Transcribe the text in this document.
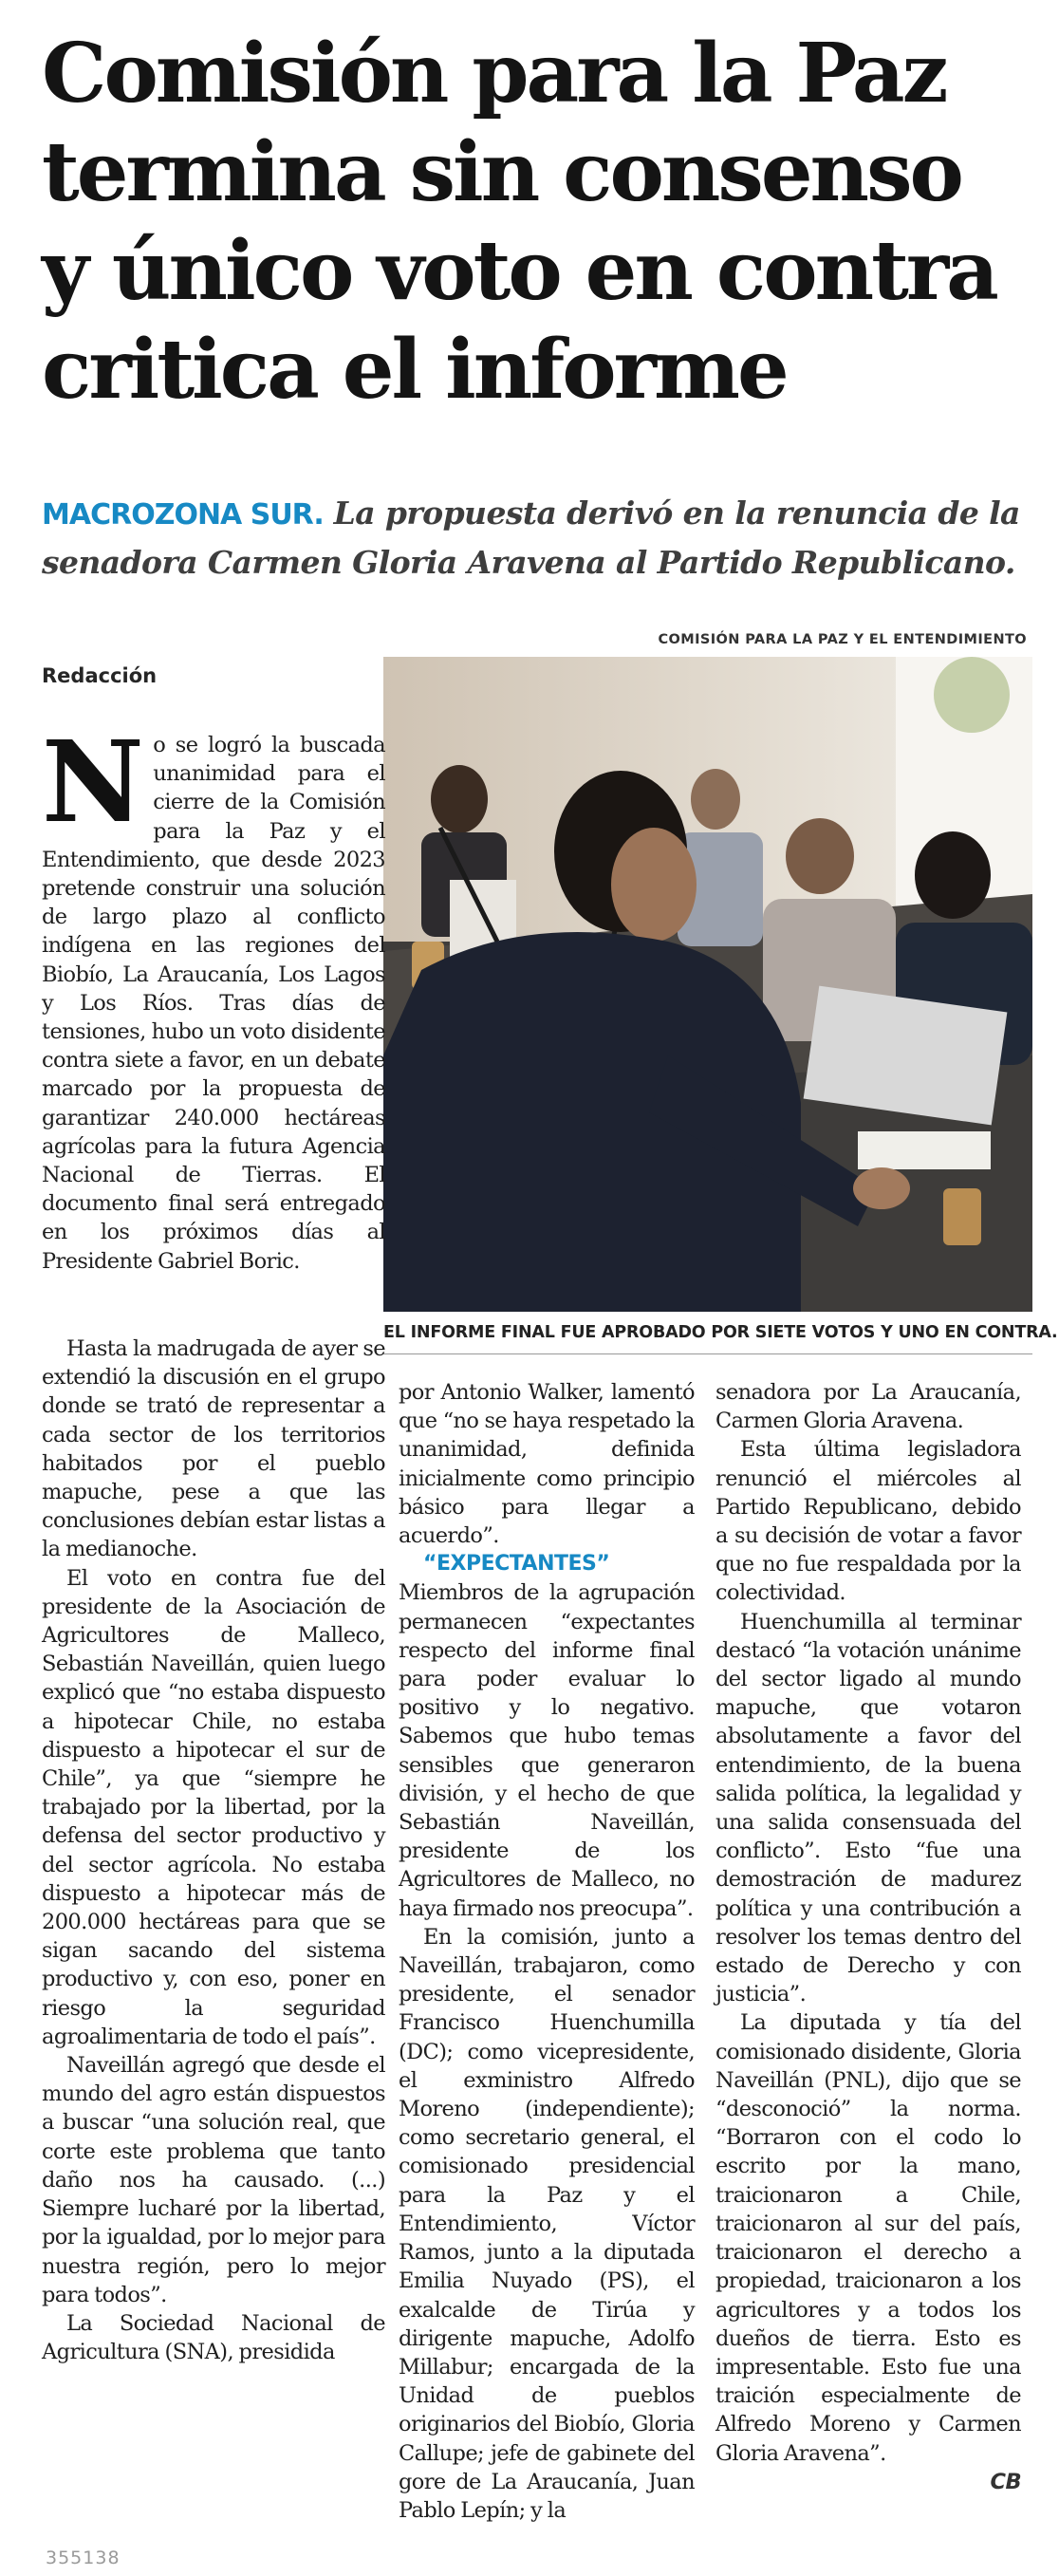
Comisión para la Paz
termina sin consenso
y único voto en contra
critica el informe
MACROZONA SUR. La propuesta derivó en la renuncia de la
senadora Carmen Gloria Aravena al Partido Republicano.
COMISIÓN PARA LA PAZ Y EL ENTENDIMIENTO
EL INFORME FINAL FUE APROBADO POR SIETE VOTOS Y UNO EN CONTRA.
Redacción

No se logró la buscada unanimidad para el cierre de la Comisión para la Paz y el Entendimiento, que desde 2023 pretende construir una solución de largo plazo al conflicto indígena en las regiones del Biobío, La Araucanía, Los Lagos y Los Ríos. Tras días de tensiones, hubo un voto disidente contra siete a favor, en un debate marcado por la propuesta de garantizar 240.000 hectáreas agrícolas para la futura Agencia Nacional de Tierras. El documento final será entregado en los próximos días al Presidente Gabriel Boric.

Hasta la madrugada de ayer se extendió la discusión en el grupo donde se trató de representar a cada sector de los territorios habitados por el pueblo mapuche, pese a que las conclusiones debían estar listas a la medianoche.

El voto en contra fue del presidente de la Asociación de Agricultores de Malleco, Sebastián Naveillán, quien luego explicó que “no estaba dispuesto a hipotecar Chile, no estaba dispuesto a hipotecar el sur de Chile”, ya que “siempre he trabajado por la libertad, por la defensa del sector productivo y del sector agrícola. No estaba dispuesto a hipotecar más de 200.000 hectáreas para que se sigan sacando del sistema productivo y, con eso, poner en riesgo la seguridad agroalimentaria de todo el país”.

Naveillán agregó que desde el mundo del agro están dispuestos a buscar “una solución real, que corte este problema que tanto daño nos ha causado. (...) Siempre lucharé por la libertad, por la igualdad, por lo mejor para nuestra región, pero lo mejor para todos”.

La Sociedad Nacional de Agricultura (SNA), presidida

por Antonio Walker, lamentó que “no se haya respetado la unanimidad, definida inicialmente como principio básico para llegar a acuerdo”.

“EXPECTANTES”

Miembros de la agrupación permanecen “expectantes respecto del informe final para poder evaluar lo positivo y lo negativo. Sabemos que hubo temas sensibles que generaron división, y el hecho de que Sebastián Naveillán, presidente de los Agricultores de Malleco, no haya firmado nos preocupa”.

En la comisión, junto a Naveillán, trabajaron, como presidente, el senador Francisco Huenchumilla (DC); como vicepresidente, el exministro Alfredo Moreno (independiente); como secretario general, el comisionado presidencial para la Paz y el Entendimiento, Víctor Ramos, junto a la diputada Emilia Nuyado (PS), el exalcalde de Tirúa y dirigente mapuche, Adolfo Millabur; encargada de la Unidad de pueblos originarios del Biobío, Gloria Callupe; jefe de gabinete del gore de La Araucanía, Juan Pablo Lepín; y la

senadora por La Araucanía, Carmen Gloria Aravena.

Esta última legisladora renunció el miércoles al Partido Republicano, debido a su decisión de votar a favor que no fue respaldada por la colectividad.

Huenchumilla al terminar destacó “la votación unánime del sector ligado al mundo mapuche, que votaron absolutamente a favor del entendimiento, de la buena salida política, la legalidad y una salida consensuada del conflicto”. Esto “fue una demostración de madurez política y una contribución a resolver los temas dentro del estado de Derecho y con justicia”.

La diputada y tía del comisionado disidente, Gloria Naveillán (PNL), dijo que se “desconoció” la norma. “Borraron con el codo lo escrito por la mano, traicionaron a Chile, traicionaron al sur del país, traicionaron el derecho a propiedad, traicionaron a los agricultores y a todos los dueños de tierra. Esto es impresentable. Esto fue una traición especialmente de Alfredo Moreno y Carmen Gloria Aravena”.

CB

355138
